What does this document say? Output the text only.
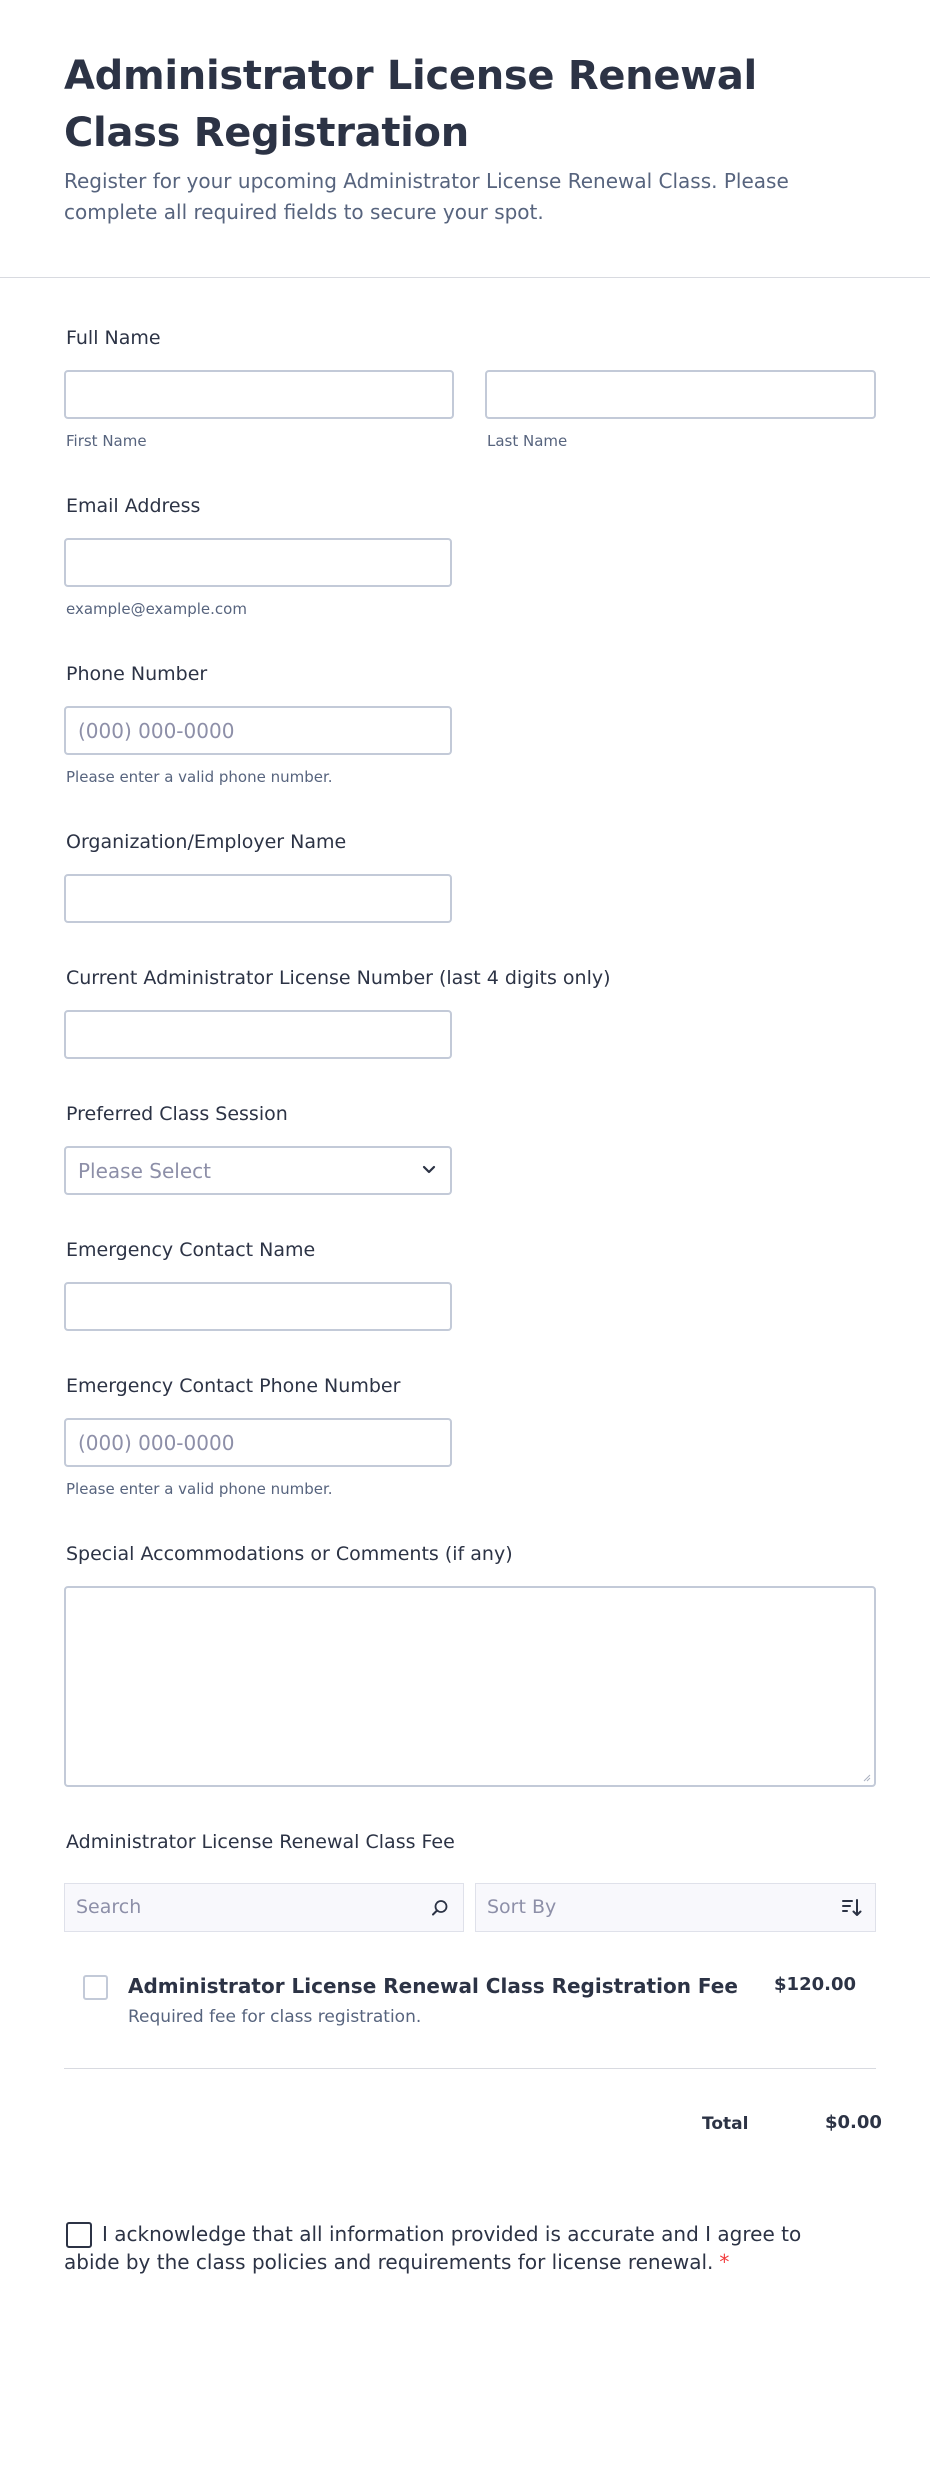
Administrator License Renewal Class Registration
Register for your upcoming Administrator License Renewal Class. Please complete all required fields to secure your spot.
Full Name
First Name	Last Name
Email Address
example@example.com
Phone Number
(000) 000-0000
Please enter a valid phone number.
Organization/Employer Name
Current Administrator License Number (last 4 digits only)
Preferred Class Session
Please Select
Emergency Contact Name
Emergency Contact Phone Number
(000) 000-0000
Please enter a valid phone number.
Special Accommodations or Comments (if any)
Administrator License Renewal Class Fee
Search	Sort By
Administrator License Renewal Class Registration Fee
Required fee for class registration.
$120.00
Total	$0.00
I acknowledge that all information provided is accurate and I agree to abide by the class policies and requirements for license renewal. *
